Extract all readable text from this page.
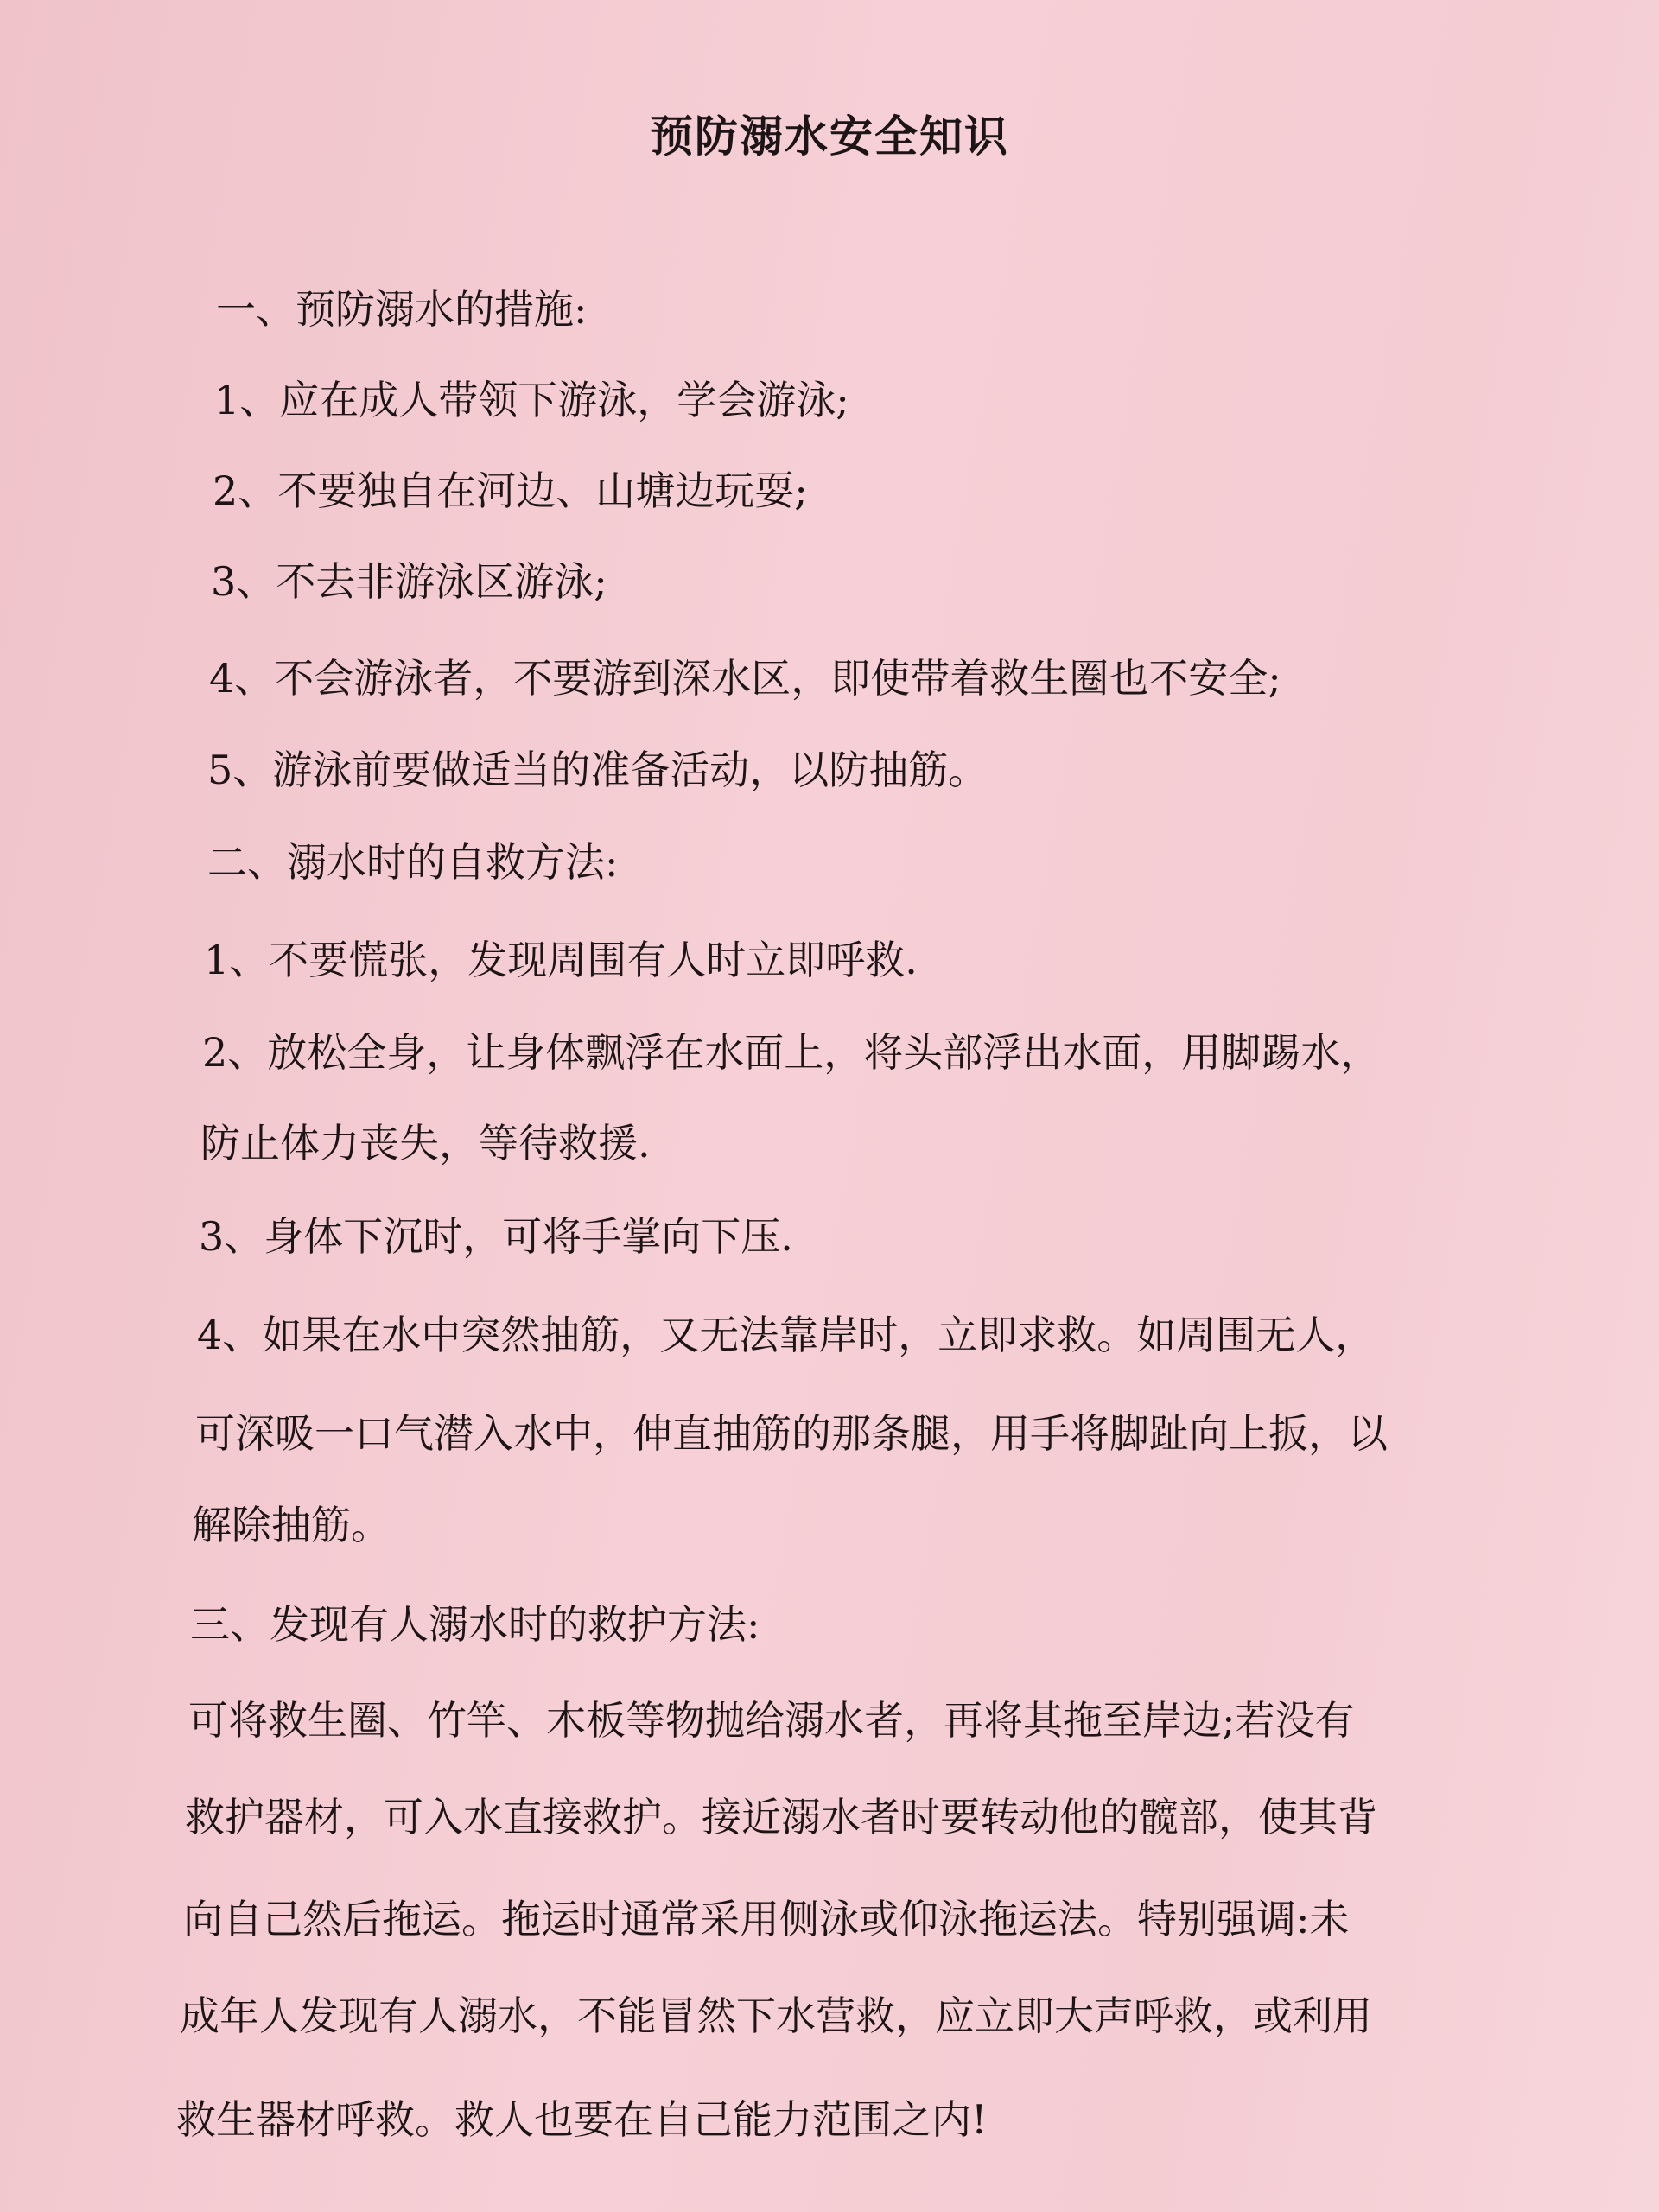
预防溺水安全知识
一、预防溺水的措施:
1、应在成人带领下游泳，学会游泳;
2、不要独自在河边、山塘边玩耍;
3、不去非游泳区游泳;
4、不会游泳者，不要游到深水区，即使带着救生圈也不安全;
5、游泳前要做适当的准备活动，以防抽筋。
二、溺水时的自救方法:
1、不要慌张，发现周围有人时立即呼救.
2、放松全身，让身体飘浮在水面上，将头部浮出水面，用脚踢水，
防止体力丧失，等待救援.
3、身体下沉时，可将手掌向下压.
4、如果在水中突然抽筋，又无法靠岸时，立即求救。如周围无人，
可深吸一口气潜入水中，伸直抽筋的那条腿，用手将脚趾向上扳，以
解除抽筋。
三、发现有人溺水时的救护方法:
可将救生圈、竹竿、木板等物抛给溺水者，再将其拖至岸边;若没有
救护器材，可入水直接救护。接近溺水者时要转动他的髋部，使其背
向自己然后拖运。拖运时通常采用侧泳或仰泳拖运法。特别强调:未
成年人发现有人溺水，不能冒然下水营救，应立即大声呼救，或利用
救生器材呼救。救人也要在自己能力范围之内!
